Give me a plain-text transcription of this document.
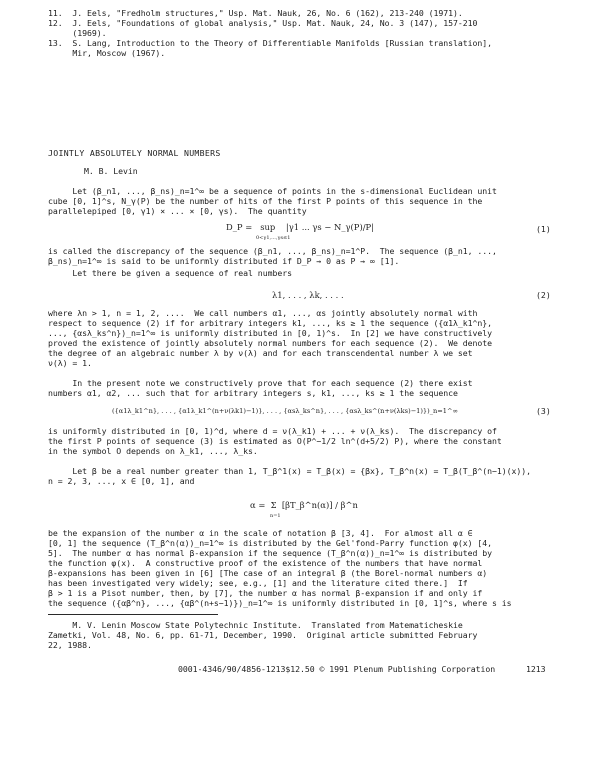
11.  J. Eels, "Fredholm structures," Usp. Mat. Nauk, 26, No. 6 (162), 213-240 (1971).
12.  J. Eels, "Foundations of global analysis," Usp. Mat. Nauk, 24, No. 3 (147), 157-210
(1969).
13.  S. Lang, Introduction to the Theory of Differentiable Manifolds [Russian translation],
Mir, Moscow (1967).
JOINTLY ABSOLUTELY NORMAL NUMBERS
M. B. Levin
Let (β_n1, ..., β_ns)_n=1^∞ be a sequence of points in the s-dimensional Euclidean unit
cube [0, 1]^s, N_γ(P) be the number of hits of the first P points of this sequence in the
parallelepiped [0, γ1) × ... × [0, γs).  The quantity
D_P =   sup    |γ1 ... γs − N_γ(P)/P|
0<γ1,...,γs≤1
(1)
is called the discrepancy of the sequence (β_n1, ..., β_ns)_n=1^P.  The sequence (β_n1, ...,
β_ns)_n=1^∞ is said to be uniformly distributed if D_P → 0 as P → ∞ [1].
Let there be given a sequence of real numbers
λ1, . . . , λk, . . . .	(2)
where λn > 1, n = 1, 2, ....  We call numbers α1, ..., αs jointly absolutely normal with
respect to sequence (2) if for arbitrary integers k1, ..., ks ≥ 1 the sequence ({α1λ_k1^n},
..., {αsλ_ks^n})_n=1^∞ is uniformly distributed in [0, 1)^s.  In [2] we have constructively
proved the existence of jointly absolutely normal numbers for each sequence (2).  We denote
the degree of an algebraic number λ by ν(λ) and for each transcendental number λ we set
ν(λ) = 1.
In the present note we constructively prove that for each sequence (2) there exist
numbers α1, α2, ... such that for arbitrary integers s, k1, ..., ks ≥ 1 the sequence
({α1λ_k1^n}, . . . , {α1λ_k1^(n+ν(λk1)−1)}, . . . , {αsλ_ks^n}, . . . , {αsλ_ks^(n+ν(λks)−1)})_n=1^∞	(3)
is uniformly distributed in [0, 1)^d, where d = ν(λ_k1) + ... + ν(λ_ks).  The discrepancy of
the first P points of sequence (3) is estimated as O(P^−1/2 ln^(d+5/2) P), where the constant
in the symbol O depends on λ_k1, ..., λ_ks.
Let β be a real number greater than 1, T_β^1(x) = T_β(x) = {βx}, T_β^n(x) = T_β(T_β^(n−1)(x)),
n = 2, 3, ..., x ∈ [0, 1], and
α =  Σ  [βT_β^n(α)] / β^n
n=1
be the expansion of the number α in the scale of notation β [3, 4].  For almost all α ∈
[0, 1] the sequence (T_β^n(α))_n=1^∞ is distributed by the Gel'fond-Parry function φ(x) [4,
5].  The number α has normal β-expansion if the sequence (T_β^n(α))_n=1^∞ is distributed by
the function φ(x).  A constructive proof of the existence of the numbers that have normal
β-expansions has been given in [6] [The case of an integral β (the Borel-normal numbers α)
has been investigated very widely; see, e.g., [1] and the literature cited there.]  If
β > 1 is a Pisot number, then, by [7], the number α has normal β-expansion if and only if
the sequence ({αβ^n}, ..., {αβ^(n+s−1)})_n=1^∞ is uniformly distributed in [0, 1]^s, where s is
M. V. Lenin Moscow State Polytechnic Institute.  Translated from Matematicheskie
Zametki, Vol. 48, No. 6, pp. 61-71, December, 1990.  Original article submitted February
22, 1988.
0001-4346/90/4856-1213$12.50 © 1991 Plenum Publishing Corporation	1213
